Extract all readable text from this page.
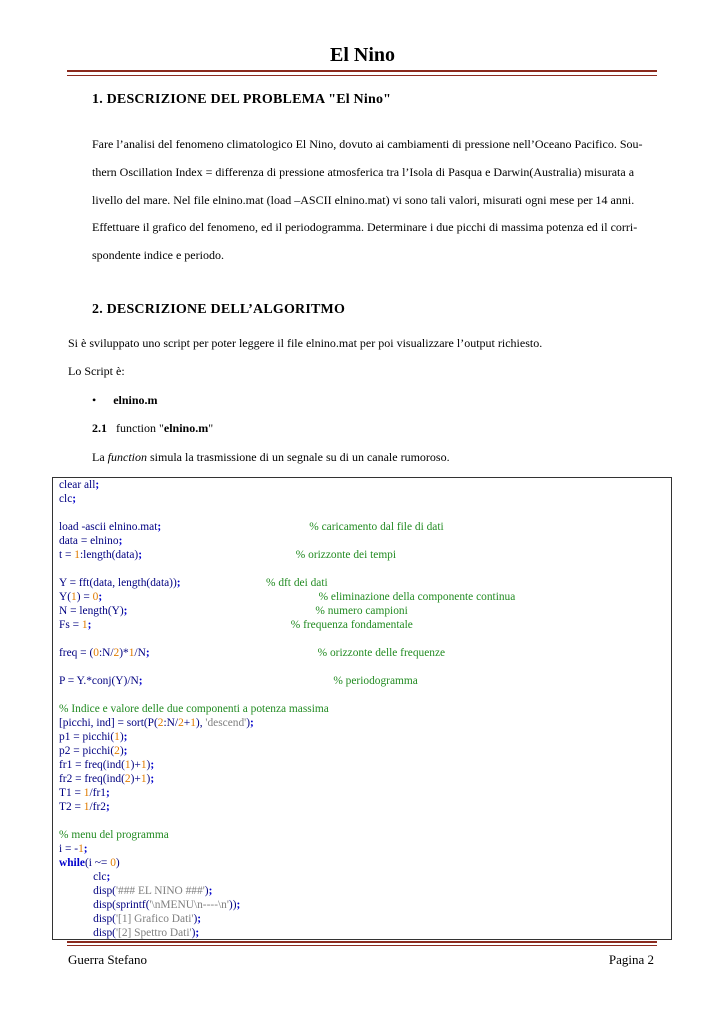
El Nino
1. DESCRIZIONE DEL PROBLEMA "El Nino"

Fare l’analisi del fenomeno climatologico El Nino, dovuto ai cambiamenti di pressione nell’Oceano Pacifico. Sou-

thern Oscillation Index = differenza di pressione atmosferica tra l’Isola di Pasqua e Darwin(Australia) misurata a

livello del mare. Nel file elnino.mat (load –ASCII elnino.mat) vi sono tali valori, misurati ogni mese per 14 anni.

Effettuare il grafico del fenomeno, ed il periodogramma. Determinare i due picchi di massima potenza ed il corri-

spondente indice e periodo.

2. DESCRIZIONE DELL’ALGORITMO

Si è sviluppato uno script per poter leggere il file elnino.mat per poi visualizzare l’output richiesto.

Lo Script è:

• elnino.m

2.1 function "elnino.m"

La function simula la trasmissione di un segnale su di un canale rumoroso.

clear all;
clc;
load -ascii elnino.mat;	% caricamento dal file di dati
data = elnino;
t = 1:length(data);	% orizzonte dei tempi
Y = fft(data, length(data));	% dft dei dati
Y(1) = 0;	% eliminazione della componente continua
N = length(Y);	% numero campioni
Fs = 1;	% frequenza fondamentale
freq = (0:N/2)*1/N;	% orizzonte delle frequenze
P = Y.*conj(Y)/N;	% periodogramma
% Indice e valore delle due componenti a potenza massima
[picchi, ind] = sort(P(2:N/2+1), 'descend');
p1 = picchi(1);
p2 = picchi(2);
fr1 = freq(ind(1)+1);
fr2 = freq(ind(2)+1);
T1 = 1/fr1;
T2 = 1/fr2;
% menu del programma
i = -1;
while(i ~= 0)
clc;
disp('### EL NINO ###');
disp(sprintf('\nMENU\n----\n'));
disp('[1] Grafico Dati');
disp('[2] Spettro Dati');
Guerra Stefano	Pagina 2
